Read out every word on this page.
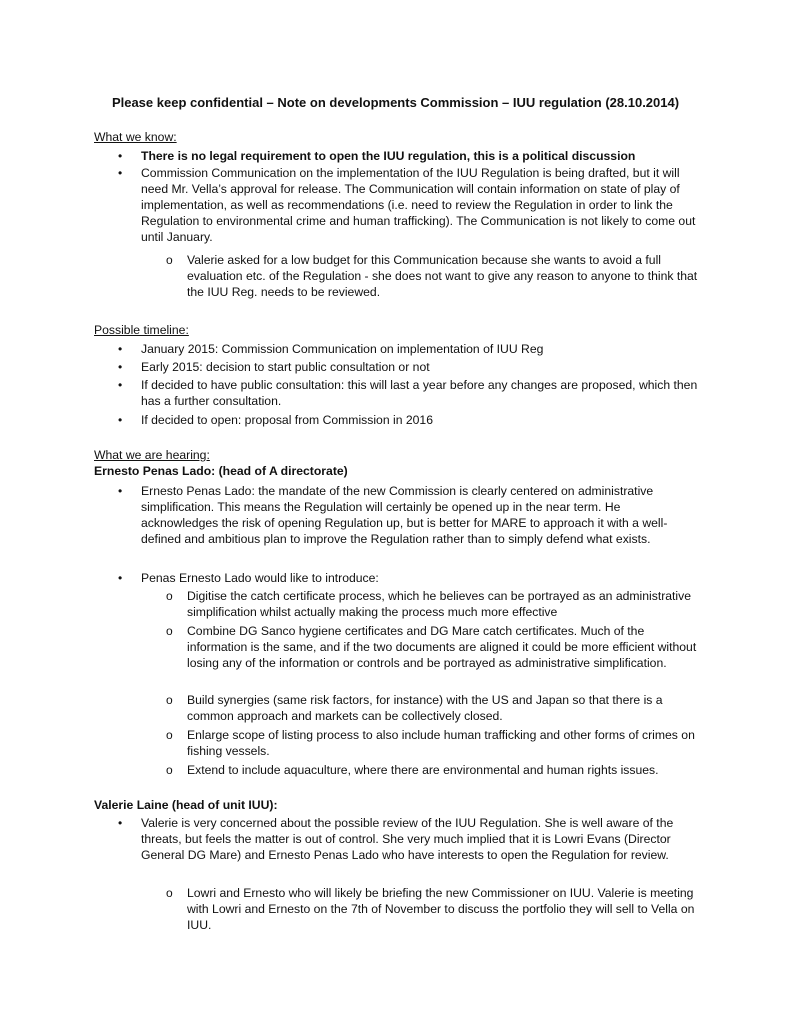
Please keep confidential – Note on developments Commission – IUU regulation (28.10.2014)
What we know:
• There is no legal requirement to open the IUU regulation, this is a political discussion
• Commission Communication on the implementation of the IUU Regulation is being drafted, but it will need Mr. Vella’s approval for release. The Communication will contain information on state of play of implementation, as well as recommendations (i.e. need to review the Regulation in order to link the Regulation to environmental crime and human trafficking). The Communication is not likely to come out until January.
o Valerie asked for a low budget for this Communication because she wants to avoid a full evaluation etc. of the Regulation - she does not want to give any reason to anyone to think that the IUU Reg. needs to be reviewed.
Possible timeline:
• January 2015: Commission Communication on implementation of IUU Reg
• Early 2015: decision to start public consultation or not
• If decided to have public consultation: this will last a year before any changes are proposed, which then has a further consultation.
• If decided to open: proposal from Commission in 2016
What we are hearing:
Ernesto Penas Lado: (head of A directorate)
• Ernesto Penas Lado: the mandate of the new Commission is clearly centered on administrative simplification. This means the Regulation will certainly be opened up in the near term. He acknowledges the risk of opening Regulation up, but is better for MARE to approach it with a well-defined and ambitious plan to improve the Regulation rather than to simply defend what exists.
• Penas Ernesto Lado would like to introduce:
o Digitise the catch certificate process, which he believes can be portrayed as an administrative simplification whilst actually making the process much more effective
o Combine DG Sanco hygiene certificates and DG Mare catch certificates. Much of the information is the same, and if the two documents are aligned it could be more efficient without losing any of the information or controls and be portrayed as administrative simplification.
o Build synergies (same risk factors, for instance) with the US and Japan so that there is a common approach and markets can be collectively closed.
o Enlarge scope of listing process to also include human trafficking and other forms of crimes on fishing vessels.
o Extend to include aquaculture, where there are environmental and human rights issues.
Valerie Laine (head of unit IUU):
• Valerie is very concerned about the possible review of the IUU Regulation. She is well aware of the threats, but feels the matter is out of control. She very much implied that it is Lowri Evans (Director General DG Mare) and Ernesto Penas Lado who have interests to open the Regulation for review.
o Lowri and Ernesto who will likely be briefing the new Commissioner on IUU. Valerie is meeting with Lowri and Ernesto on the 7th of November to discuss the portfolio they will sell to Vella on IUU.
